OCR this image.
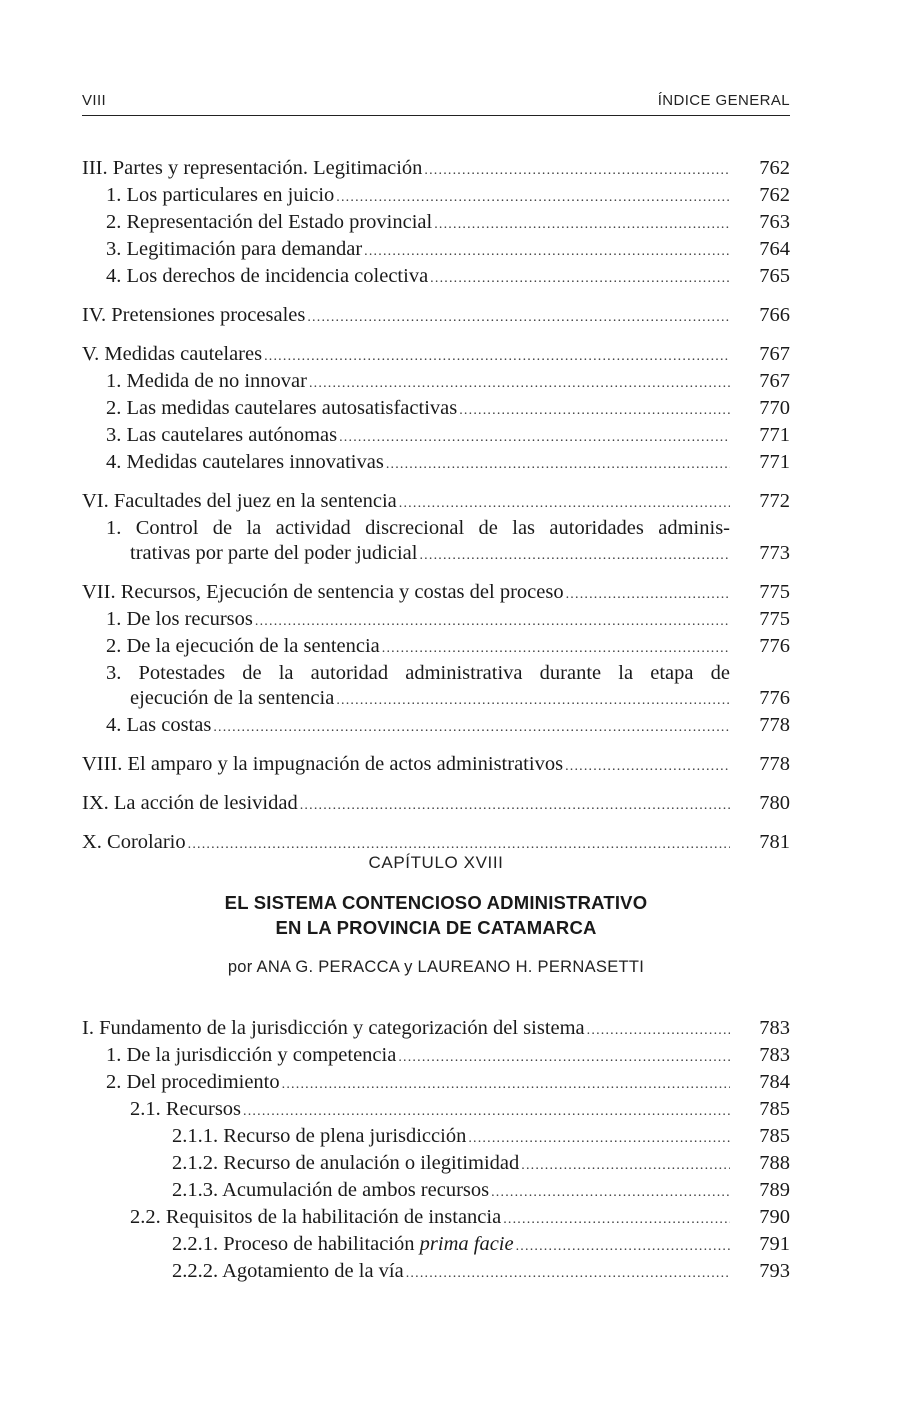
VIII	ÍNDICE GENERAL
III. Partes y representación. Legitimación .....	762
1. Los particulares en juicio .....	762
2. Representación del Estado provincial .....	763
3. Legitimación para demandar .....	764
4. Los derechos de incidencia colectiva .....	765
IV. Pretensiones procesales .....	766
V. Medidas cautelares .....	767
1. Medida de no innovar .....	767
2. Las medidas cautelares autosatisfactivas .....	770
3. Las cautelares autónomas .....	771
4. Medidas cautelares innovativas .....	771
VI. Facultades del juez en la sentencia .....	772
1. Control de la actividad discrecional de las autoridades adminis-
trativas por parte del poder judicial .....	773
VII. Recursos, Ejecución de sentencia y costas del proceso .....	775
1. De los recursos .....	775
2. De la ejecución de la sentencia .....	776
3. Potestades de la autoridad administrativa durante la etapa de
ejecución de la sentencia .....	776
4. Las costas .....	778
VIII. El amparo y la impugnación de actos administrativos .....	778
IX. La acción de lesividad .....	780
X. Corolario .....	781
CAPÍTULO XVIII
EL SISTEMA CONTENCIOSO ADMINISTRATIVO
EN LA PROVINCIA DE CATAMARCA
por ANA G. PERACCA y LAUREANO H. PERNASETTI
I. Fundamento de la jurisdicción y categorización del sistema .....	783
1. De la jurisdicción y competencia .....	783
2. Del procedimiento .....	784
2.1. Recursos .....	785
2.1.1. Recurso de plena jurisdicción .....	785
2.1.2. Recurso de anulación o ilegitimidad .....	788
2.1.3. Acumulación de ambos recursos .....	789
2.2. Requisitos de la habilitación de instancia .....	790
2.2.1. Proceso de habilitación prima facie .....	791
2.2.2. Agotamiento de la vía .....	793
